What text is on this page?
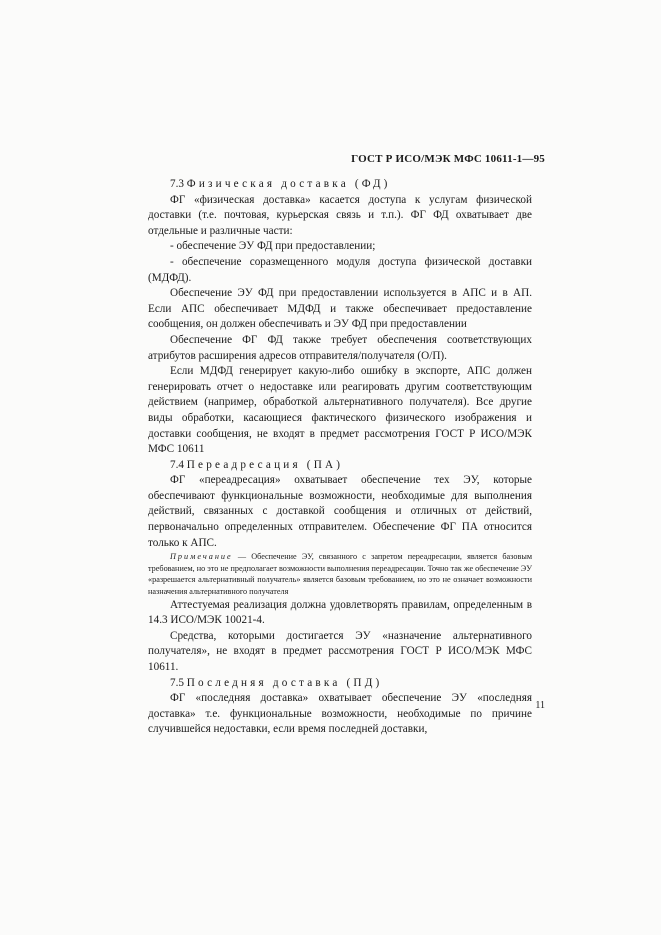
ГОСТ Р ИСО/МЭК МФС 10611-1—95

7.3 Физическая доставка (ФД)

ФГ «физическая доставка» касается доступа к услугам физической доставки (т.е. почтовая, курьерская связь и т.п.). ФГ ФД охватывает две отдельные и различные части:

- обеспечение ЭУ ФД при предоставлении;

- обеспечение соразмещенного модуля доступа физической доставки (МДФД).

Обеспечение ЭУ ФД при предоставлении используется в АПС и в АП. Если АПС обеспечивает МДФД и также обеспечивает предоставление сообщения, он должен обеспечивать и ЭУ ФД при предоставлении

Обеспечение ФГ ФД также требует обеспечения соответствующих атрибутов расширения адресов отправителя/получателя (О/П).

Если МДФД генерирует какую-либо ошибку в экспорте, АПС должен генерировать отчет о недоставке или реагировать другим соответствующим действием (например, обработкой альтернативного получателя). Все другие виды обработки, касающиеся фактического физического изображения и доставки сообщения, не входят в предмет рассмотрения ГОСТ Р ИСО/МЭК МФС 10611

7.4 Переадресация (ПА)

ФГ «переадресация» охватывает обеспечение тех ЭУ, которые обеспечивают функциональные возможности, необходимые для выполнения действий, связанных с доставкой сообщения и отличных от действий, первоначально определенных отправителем. Обеспечение ФГ ПА относится только к АПС.

Примечание — Обеспечение ЭУ, связанного с запретом переадресации, является базовым требованием, но это не предполагает возможности выполнения переадресации. Точно так же обеспечение ЭУ «разрешается альтернативный получатель» является базовым требованием, но это не означает возможности назначения альтернативного получателя

Аттестуемая реализация должна удовлетворять правилам, определенным в 14.3 ИСО/МЭК 10021-4.

Средства, которыми достигается ЭУ «назначение альтернативного получателя», не входят в предмет рассмотрения ГОСТ Р ИСО/МЭК МФС 10611.

7.5 Последняя доставка (ПД)

ФГ «последняя доставка» охватывает обеспечение ЭУ «последняя доставка» т.е. функциональные возможности, необходимые по причине случившейся недоставки, если время последней доставки,

11
